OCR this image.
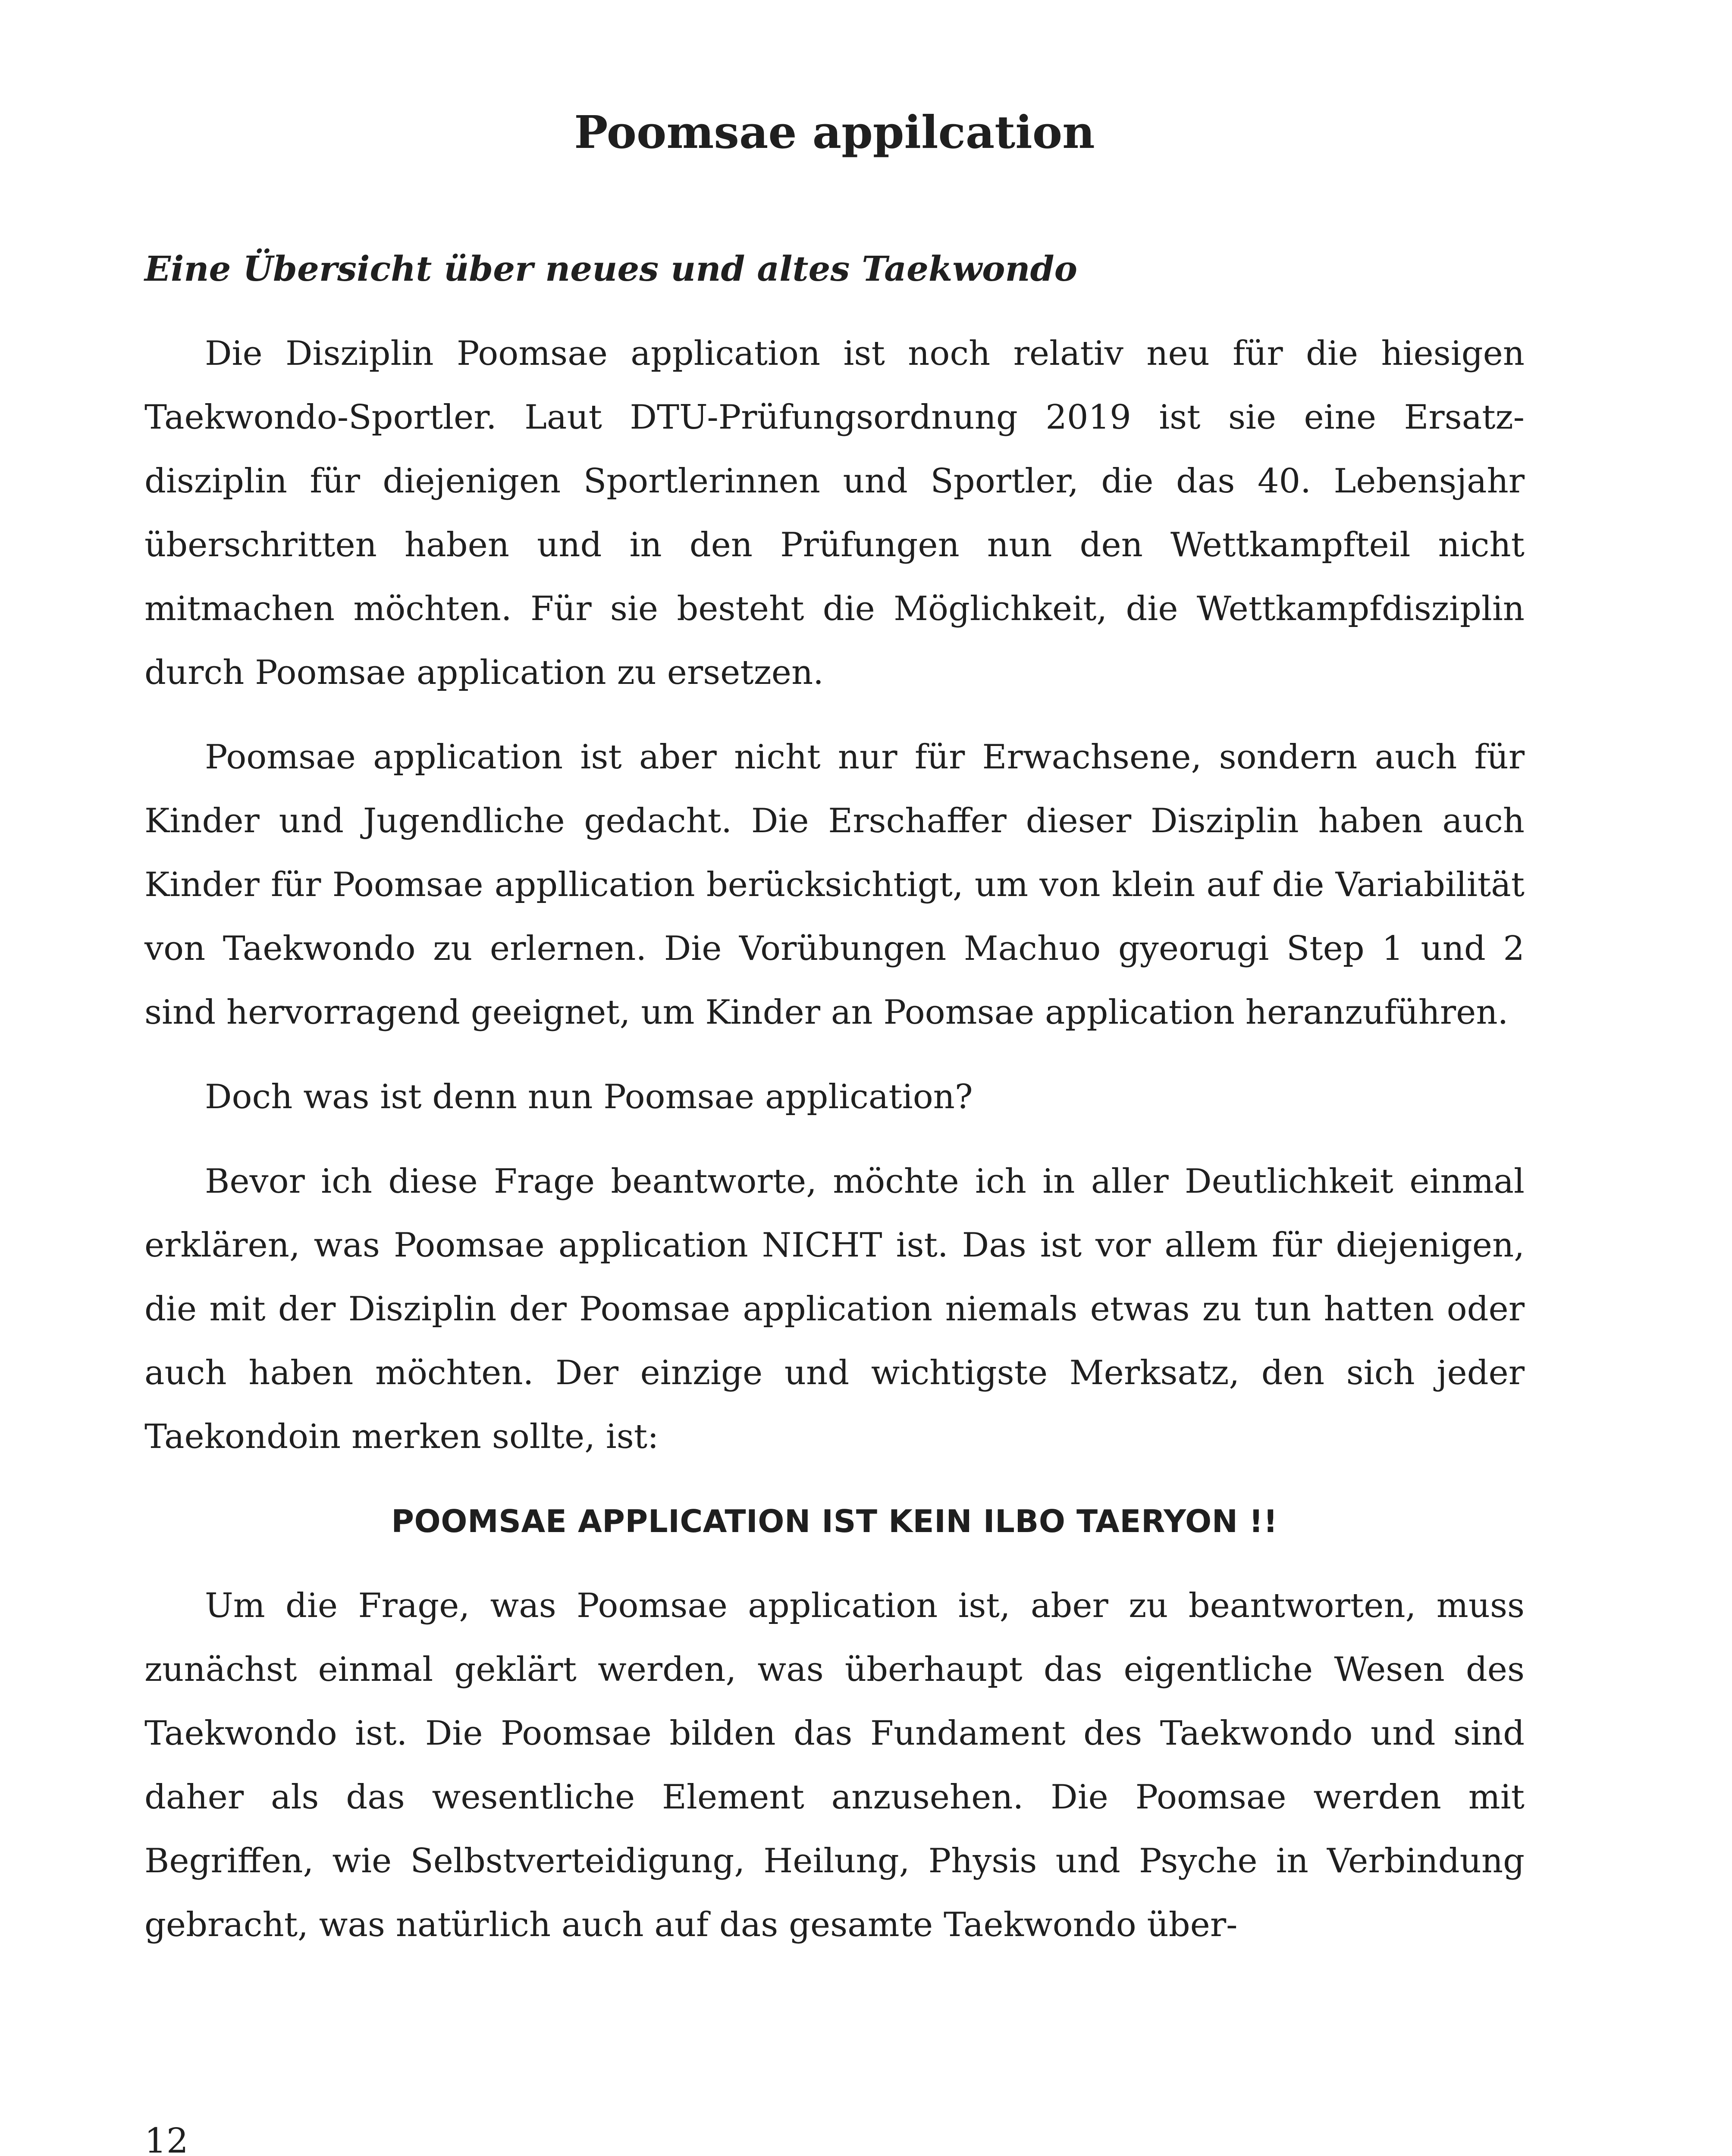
Poomsae appilcation
Eine Übersicht über neues und altes Taekwondo

Die Disziplin Poomsae application ist noch relativ neu für die hiesigen Taekwondo-Sportler. Laut DTU-Prüfungsordnung 2019 ist sie eine Ersatzdisziplin für diejenigen Sportlerinnen und Sportler, die das 40. Lebensjahr überschritten haben und in den Prüfungen nun den Wettkampfteil nicht mitmachen möchten. Für sie besteht die Möglichkeit, die Wettkampfdisziplin durch Poomsae application zu ersetzen.

Poomsae application ist aber nicht nur für Erwachsene, sondern auch für Kinder und Jugendliche gedacht. Die Erschaffer dieser Disziplin haben auch Kinder für Poomsae appllication berücksichtigt, um von klein auf die Variabilität von Taekwondo zu erlernen. Die Vorübungen Machuo gyeorugi Step 1 und 2 sind hervorragend geeignet, um Kinder an Poomsae application heranzuführen.

Doch was ist denn nun Poomsae application?

Bevor ich diese Frage beantworte, möchte ich in aller Deutlichkeit einmal erklären, was Poomsae application NICHT ist. Das ist vor allem für diejenigen, die mit der Disziplin der Poomsae application niemals etwas zu tun hatten oder auch haben möchten. Der einzige und wichtigste Merksatz, den sich jeder Taekondoin merken sollte, ist:

POOMSAE APPLICATION IST KEIN ILBO TAERYON !!

Um die Frage, was Poomsae application ist, aber zu beantworten, muss zunächst einmal geklärt werden, was überhaupt das eigentliche Wesen des Taekwondo ist. Die Poomsae bilden das Fundament des Taekwondo und sind daher als das wesentliche Element anzusehen. Die Poomsae werden mit Begriffen, wie Selbstverteidigung, Heilung, Physis und Psyche in Verbindung gebracht, was natürlich auch auf das gesamte Taekwondo über-

12
